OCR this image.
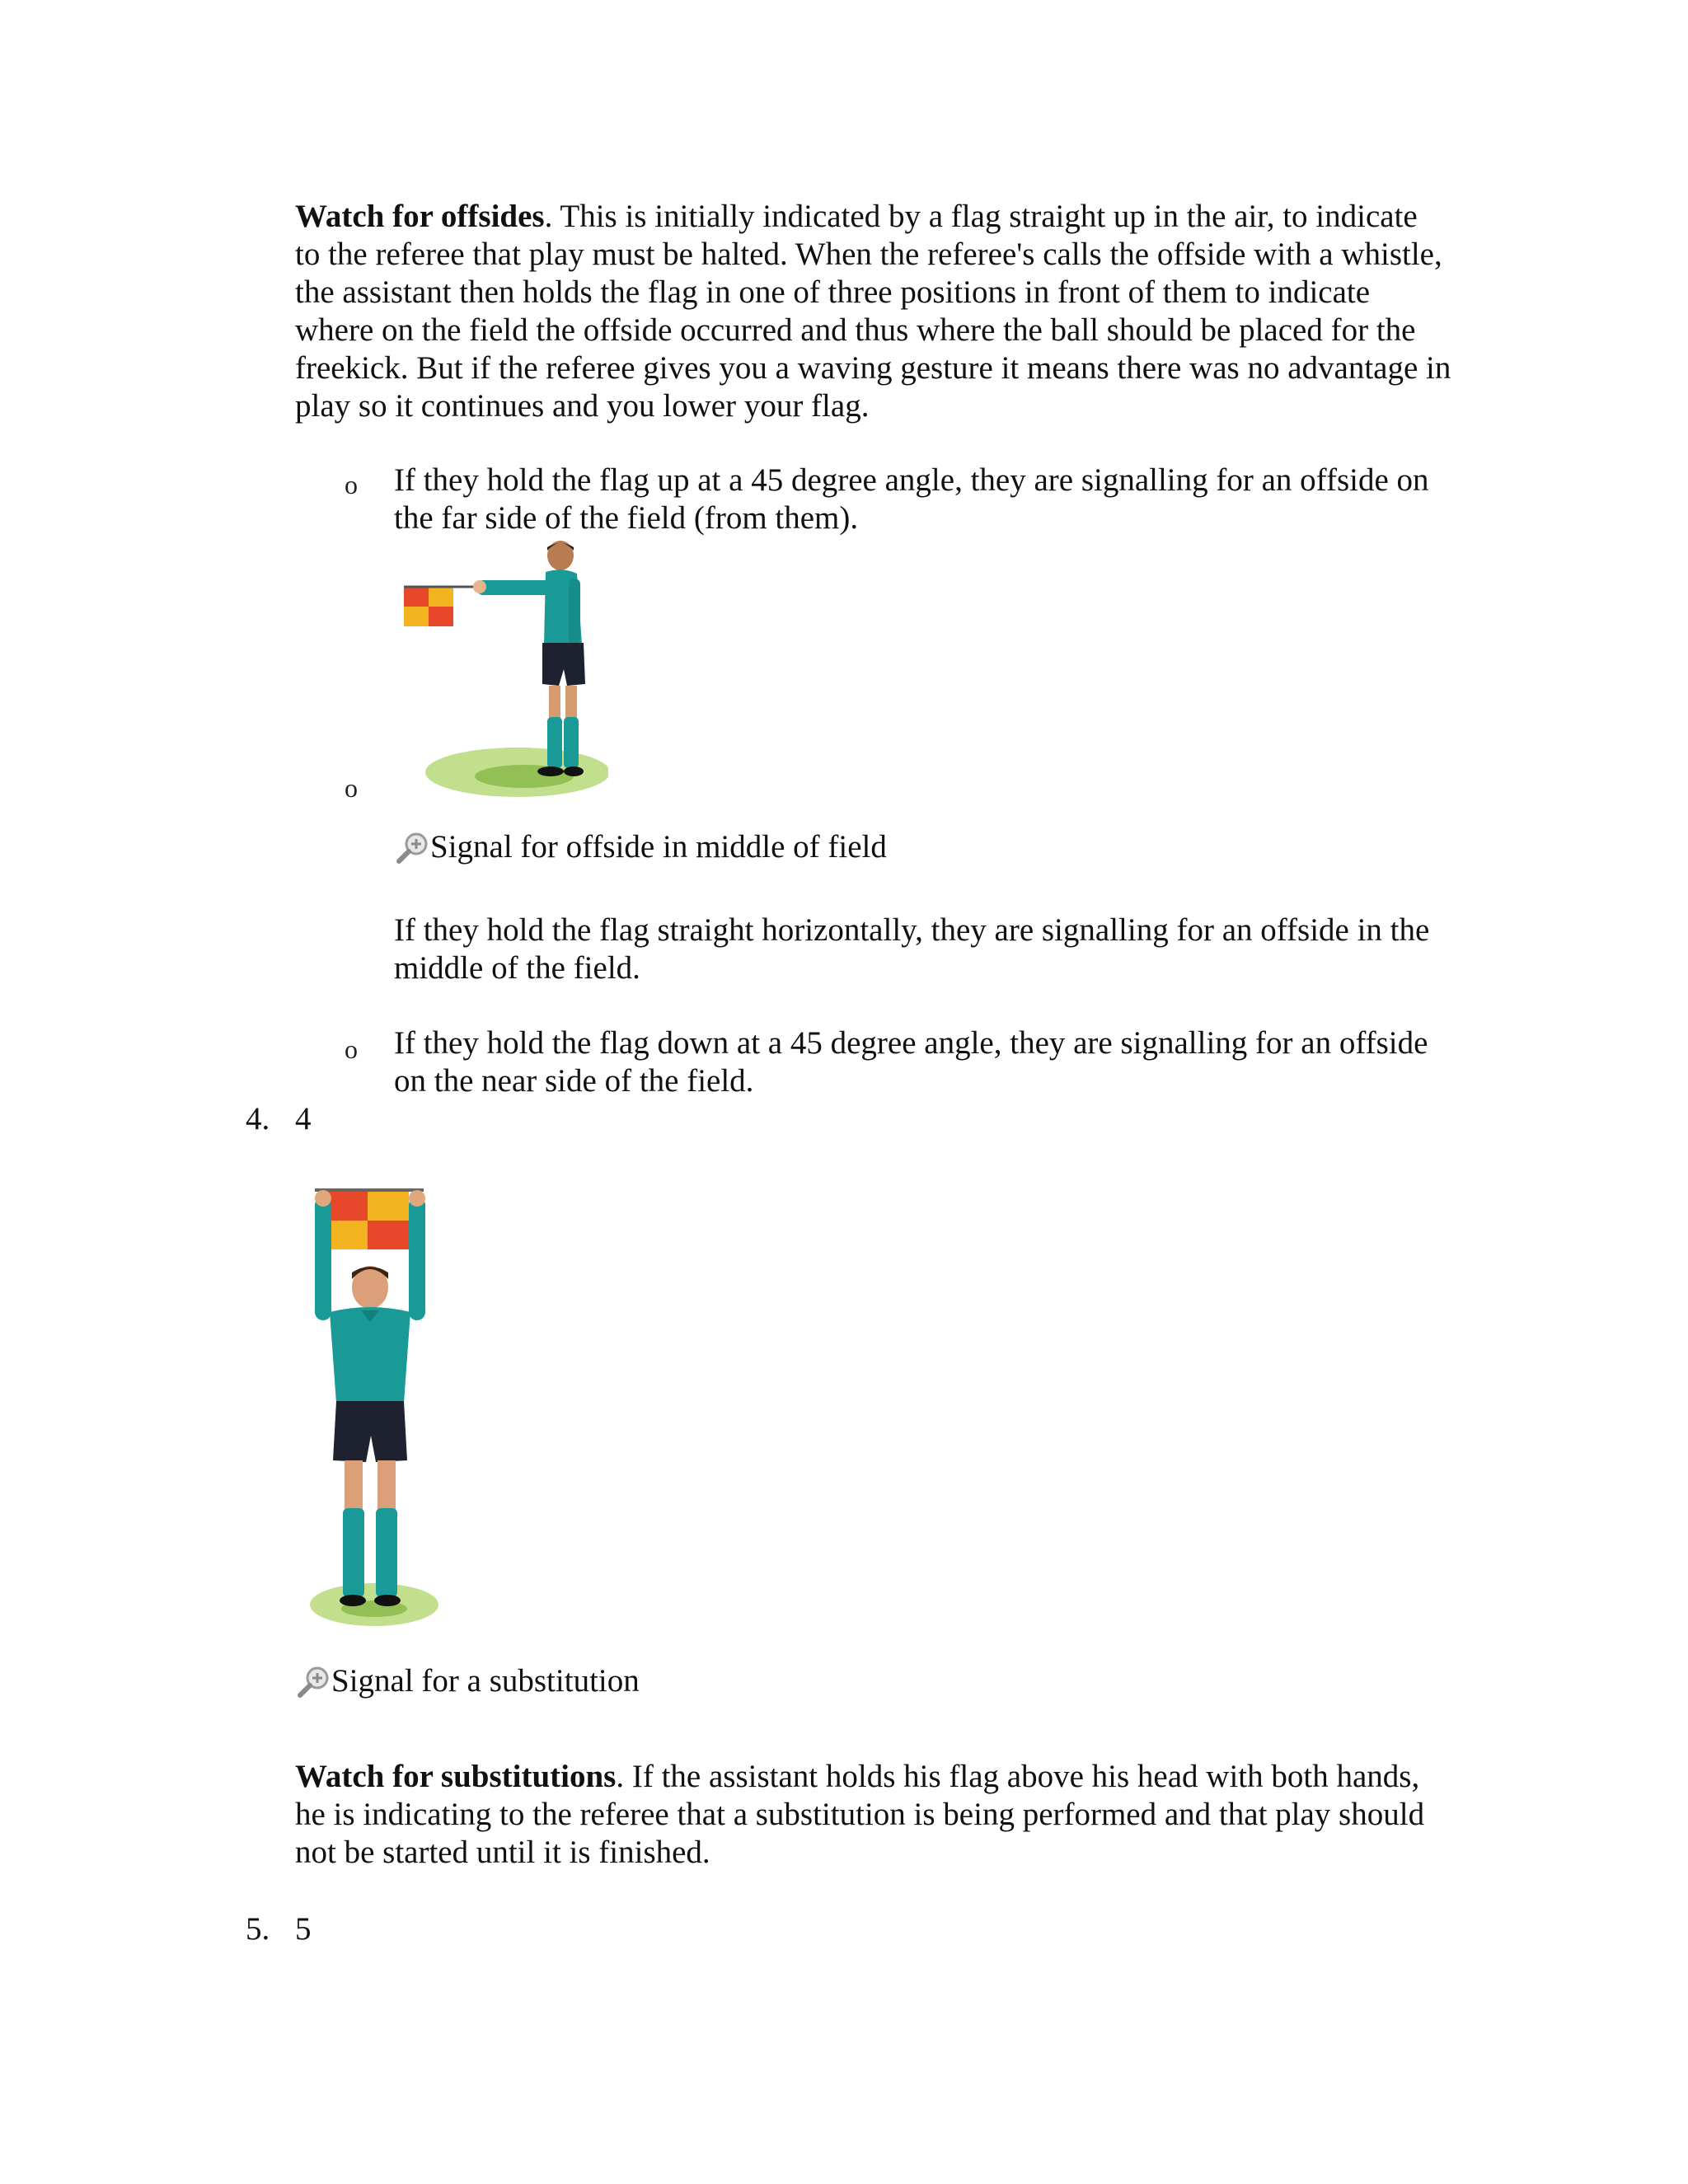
Watch for offsides. This is initially indicated by a flag straight up in the air, to indicate
to the referee that play must be halted. When the referee's calls the offside with a whistle,
the assistant then holds the flag in one of three positions in front of them to indicate
where on the field the offside occurred and thus where the ball should be placed for the
freekick. But if the referee gives you a waving gesture it means there was no advantage in
play so it continues and you lower your flag.
o If they hold the flag up at a 45 degree angle, they are signalling for an offside on
the far side of the field (from them).
o
Signal for offside in middle of field
If they hold the flag straight horizontally, they are signalling for an offside in the
middle of the field.
o If they hold the flag down at a 45 degree angle, they are signalling for an offside
on the near side of the field.
4. 4
Signal for a substitution
Watch for substitutions. If the assistant holds his flag above his head with both hands,
he is indicating to the referee that a substitution is being performed and that play should
not be started until it is finished.
5. 5
